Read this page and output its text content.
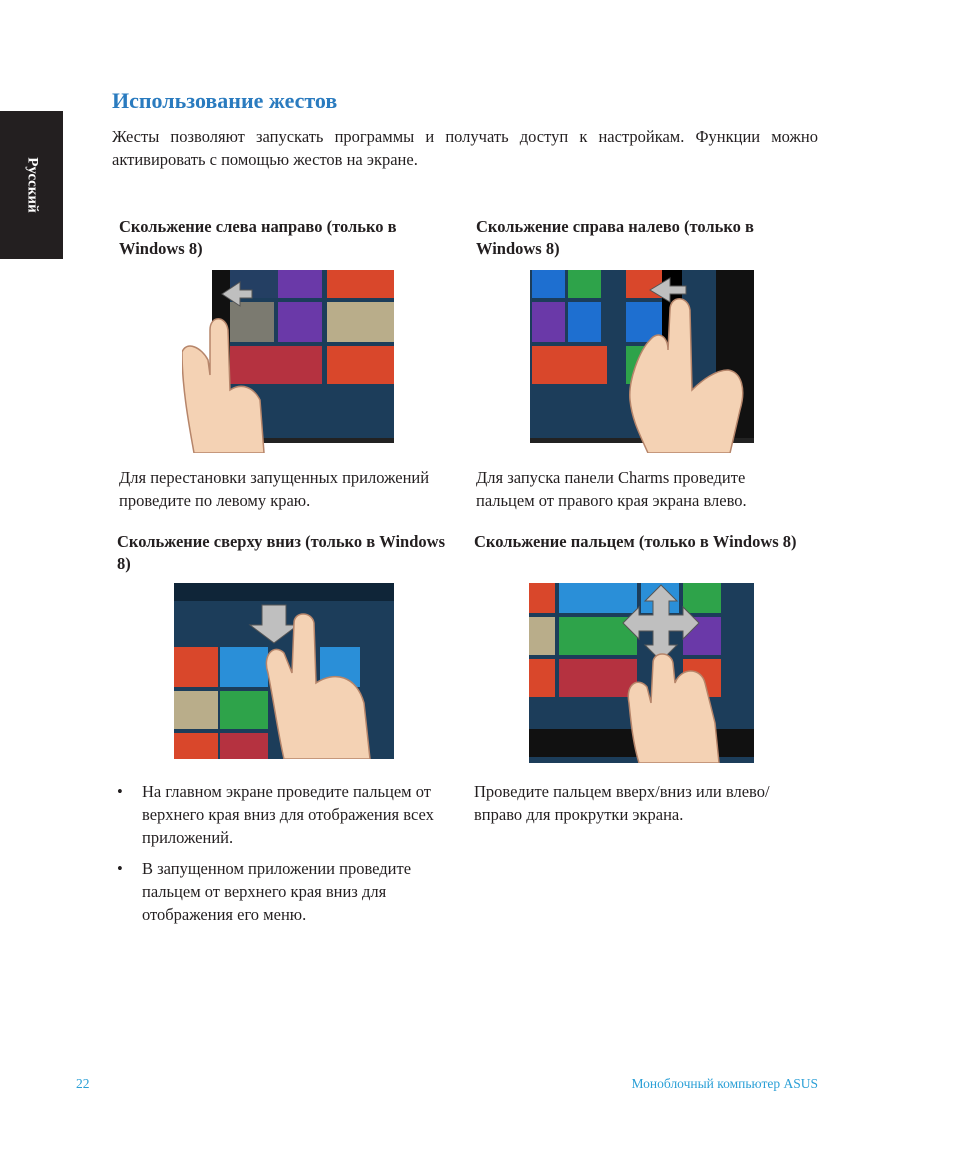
Русский
Использование жестов

Жесты позволяют запускать программы и получать доступ к настройкам. Функции можно активировать с помощью жестов на экране.

Скольжение слева направо (только в Windows 8)

Для перестановки запущенных приложений проведите по левому краю.

Скольжение справа налево (только в Windows 8)

Для запуска панели Charms проведите пальцем от правого края экрана влево.

Скольжение сверху вниз (только в Windows 8)
• На главном экране проведите пальцем от верхнего края вниз для отображения всех приложений.
• В запущенном приложении проведите пальцем от верхнего края вниз для отображения его меню.
Скольжение пальцем (только в Windows 8)

Проведите пальцем вверх/вниз или влево/вправо для прокрутки экрана.

22	Моноблочный компьютер ASUS
